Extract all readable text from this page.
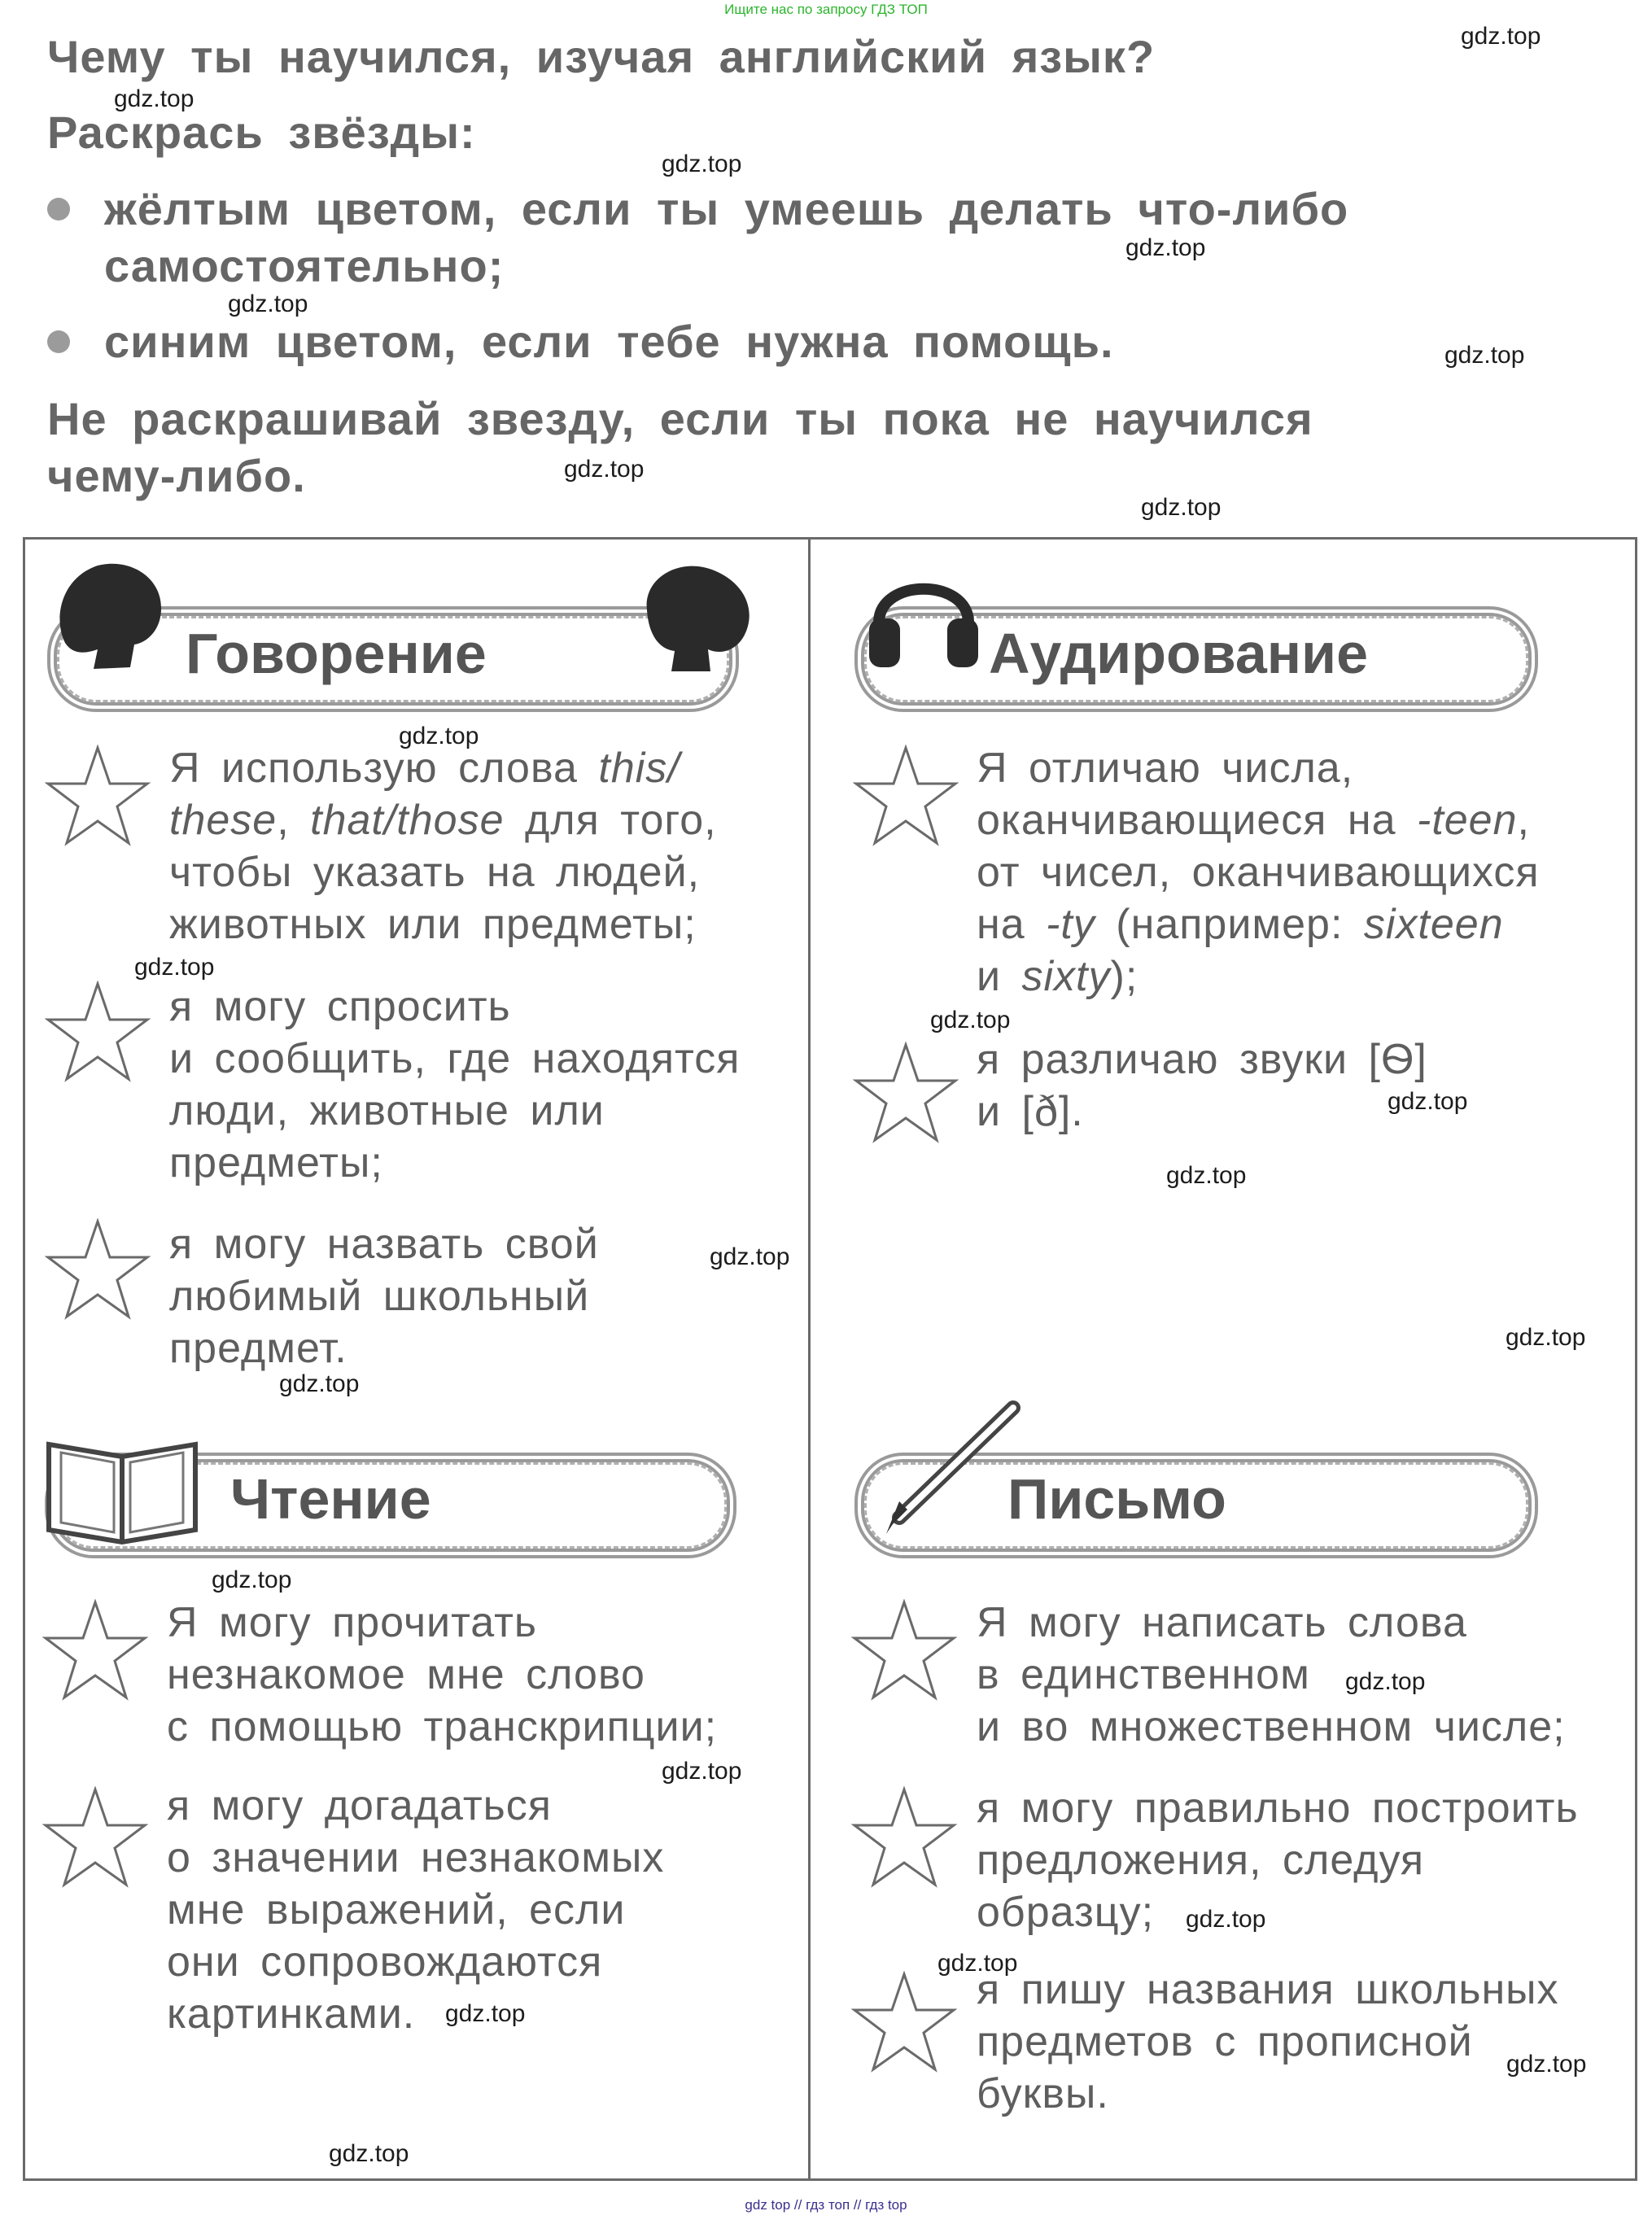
Ищите нас по запросу ГДЗ ТОП
Чему ты научился, изучая английский язык?
Раскрась звёзды:
жёлтым цветом, если ты умеешь делать что-либо
самостоятельно;
синим цветом, если тебе нужна помощь.
Не раскрашивай звезду, если ты пока не научился
чему-либо.
Говорение
Я использую слова this/
these, that/those для того,
чтобы указать на людей,
животных или предметы;
я могу спросить
и сообщить, где находятся
люди, животные или
предметы;
я могу назвать свой
любимый школьный
предмет.
Аудирование
Я отличаю числа,
оканчивающиеся на -teen,
от чисел, оканчивающихся
на -ty (например: sixteen
и sixty);
я различаю звуки [Ѳ]
и [ð].
Чтение
Я могу прочитать
незнакомое мне слово
с помощью транскрипции;
я могу догадаться
о значении незнакомых
мне выражений, если
они сопровождаются
картинками.
Письмо
Я могу написать слова
в единственном
и во множественном числе;
я могу правильно построить
предложения, следуя
образцу;
я пишу названия школьных
предметов с прописной
буквы.
gdz.top
gdz.top
gdz.top
gdz.top
gdz.top
gdz.top
gdz.top
gdz.top
gdz.top
gdz.top
gdz.top
gdz.top
gdz.top
gdz.top
gdz.top
gdz.top
gdz.top
gdz.top
gdz.top
gdz.top
gdz.top
gdz.top
gdz.top
gdz.top
gdz top // гдз топ // гдз top
